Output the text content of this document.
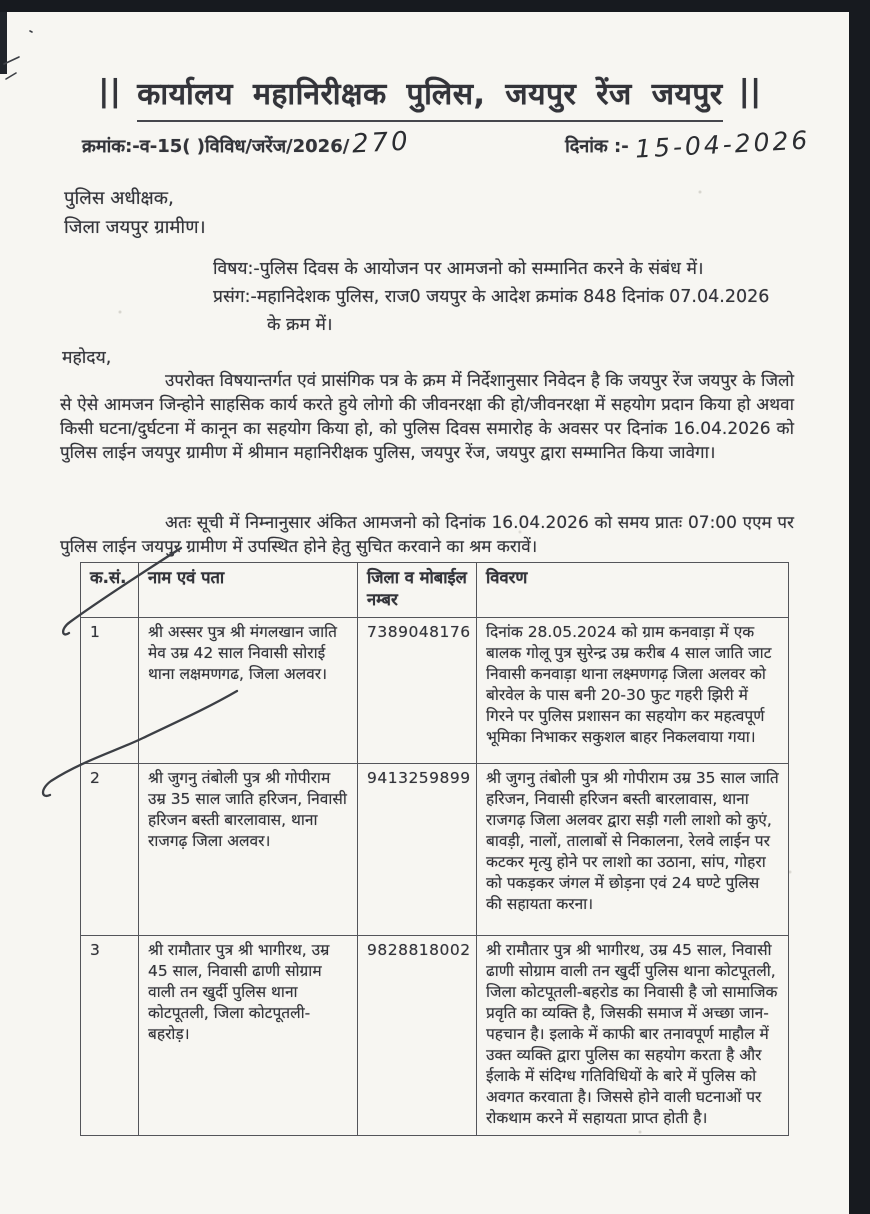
|| कार्यालय महानिरीक्षक पुलिस, जयपुर रेंज जयपुर ||
क्रमांक:-व-15( )विविध/जरेंज/2026/ 270	दिनांक :- 15-04-2026
पुलिस अधीक्षक,
जिला जयपुर ग्रामीण।
विषय:-पुलिस दिवस के आयोजन पर आमजनो को सम्मानित करने के संबंध में।
प्रसंग:-महानिदेशक पुलिस, राज0 जयपुर के आदेश क्रमांक 848 दिनांक 07.04.2026
के क्रम में।
महोदय,
उपरोक्त विषयान्तर्गत एवं प्रासंगिक पत्र के क्रम में निर्देशानुसार निवेदन है कि जयपुर रेंज जयपुर के जिलो से ऐसे आमजन जिन्होने साहसिक कार्य करते हुये लोगो की जीवनरक्षा की हो/जीवनरक्षा में सहयोग प्रदान किया हो अथवा किसी घटना/दुर्घटना में कानून का सहयोग किया हो, को पुलिस दिवस समारोह के अवसर पर दिनांक 16.04.2026 को पुलिस लाईन जयपुर ग्रामीण में श्रीमान महानिरीक्षक पुलिस, जयपुर रेंज, जयपुर द्वारा सम्मानित किया जावेगा।
अतः सूची में निम्नानुसार अंकित आमजनो को दिनांक 16.04.2026 को समय प्रातः 07:00 एएम पर पुलिस लाईन जयपुर ग्रामीण में उपस्थित होने हेतु सुचित करवाने का श्रम करावें।
क.सं.	नाम एवं पता	जिला व मोबाईल नम्बर	विवरण
1	श्री अस्सर पुत्र श्री मंगलखान जाति मेव उम्र 42 साल निवासी सोराई थाना लक्षमणगढ, जिला अलवर।	7389048176	दिनांक 28.05.2024 को ग्राम कनवाड़ा में एक बालक गोलू पुत्र सुरेन्द्र उम्र करीब 4 साल जाति जाट निवासी कनवाड़ा थाना लक्ष्मणगढ़ जिला अलवर को बोरवेल के पास बनी 20-30 फुट गहरी झिरी में गिरने पर पुलिस प्रशासन का सहयोग कर महत्वपूर्ण भूमिका निभाकर सकुशल बाहर निकलवाया गया।
2	श्री जुगनु तंबोली पुत्र श्री गोपीराम उम्र 35 साल जाति हरिजन, निवासी हरिजन बस्ती बारलावास, थाना राजगढ़ जिला अलवर।	9413259899	श्री जुगनु तंबोली पुत्र श्री गोपीराम उम्र 35 साल जाति हरिजन, निवासी हरिजन बस्ती बारलावास, थाना राजगढ़ जिला अलवर द्वारा सड़ी गली लाशो को कुएं, बावड़ी, नालों, तालाबों से निकालना, रेलवे लाईन पर कटकर मृत्यु होने पर लाशो का उठाना, सांप, गोहरा को पकड़कर जंगल में छोड़ना एवं 24 घण्टे पुलिस की सहायता करना।
3	श्री रामौतार पुत्र श्री भागीरथ, उम्र 45 साल, निवासी ढाणी सोग्राम वाली तन खुर्दी पुलिस थाना कोटपूतली, जिला कोटपूतली-बहरोड़।	9828818002	श्री रामौतार पुत्र श्री भागीरथ, उम्र 45 साल, निवासी ढाणी सोग्राम वाली तन खुर्दी पुलिस थाना कोटपूतली, जिला कोटपूतली-बहरोड का निवासी है जो सामाजिक प्रवृति का व्यक्ति है, जिसकी समाज में अच्छा जान-पहचान है। इलाके में काफी बार तनावपूर्ण माहौल में उक्त व्यक्ति द्वारा पुलिस का सहयोग करता है और ईलाके में संदिग्ध गतिविधियों के बारे में पुलिस को अवगत करवाता है। जिससे होने वाली घटनाओं पर रोकथाम करने में सहायता प्राप्त होती है।
